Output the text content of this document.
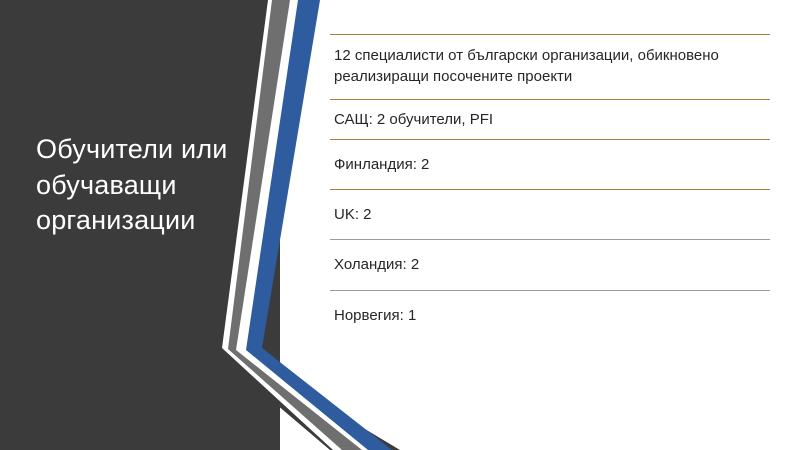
Обучители или обучаващи организации
12 специалисти от български организации, обикновено реализиращи посочените проекти
САЩ: 2 обучители, PFI
Финландия: 2
UK: 2
Холандия: 2
Норвегия: 1
